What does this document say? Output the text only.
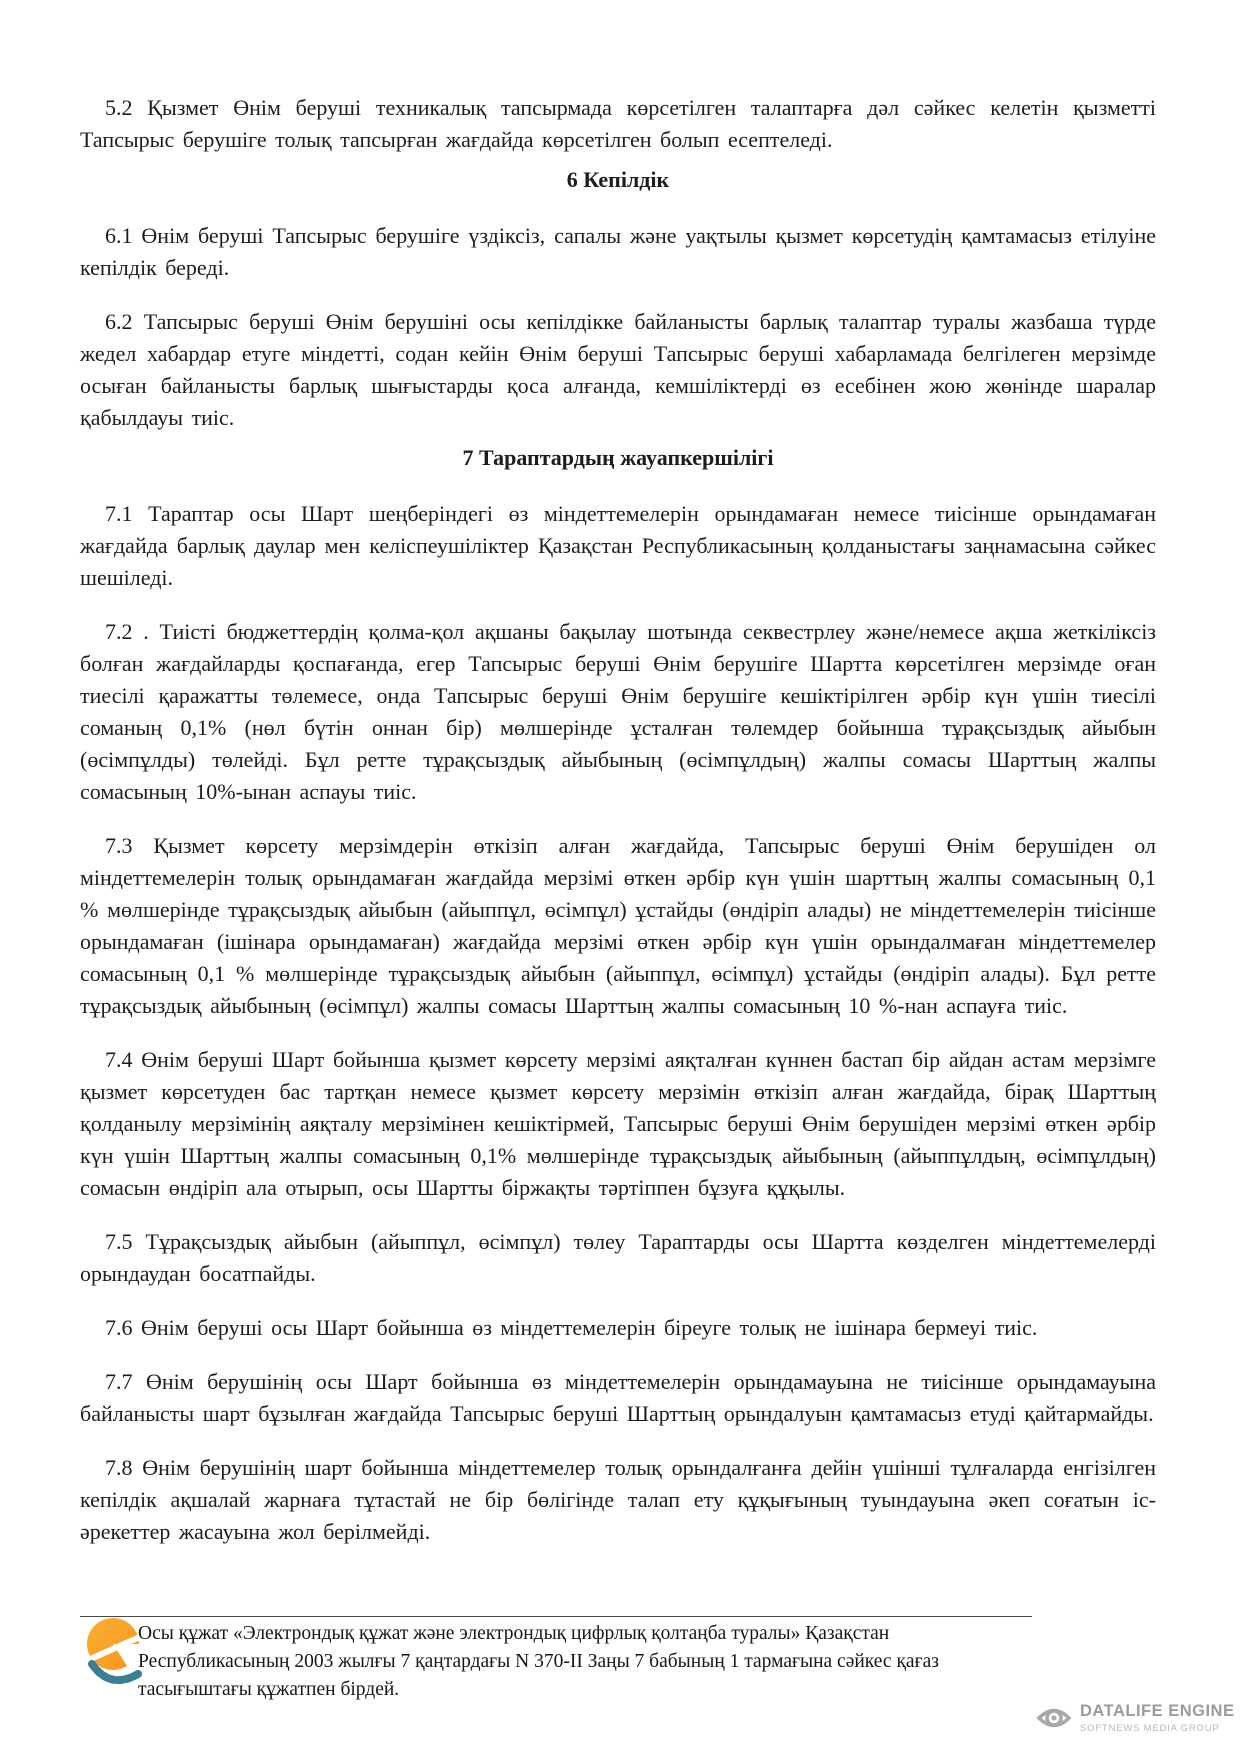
5.2 Қызмет Өнім беруші техникалық тапсырмада көрсетілген талаптарға дәл сәйкес келетін қызметті Тапсырыс берушіге толық тапсырған жағдайда көрсетілген болып есептеледі.

6 Кепілдік

6.1 Өнім беруші Тапсырыс берушіге үздіксіз, сапалы және уақтылы қызмет көрсетудің қамтамасыз етілуіне кепілдік береді.

6.2 Тапсырыс беруші Өнім берушіні осы кепілдікке байланысты барлық талаптар туралы жазбаша түрде жедел хабардар етуге міндетті, содан кейін Өнім беруші Тапсырыс беруші хабарламада белгілеген мерзімде осыған байланысты барлық шығыстарды қоса алғанда, кемшіліктерді өз есебінен жою жөнінде шаралар қабылдауы тиіс.

7 Тараптардың жауапкершілігі

7.1 Тараптар осы Шарт шеңберіндегі өз міндеттемелерін орындамаған немесе тиісінше орындамаған жағдайда барлық даулар мен келіспеушіліктер Қазақстан Республикасының қолданыстағы заңнамасына сәйкес шешіледі.

7.2 . Тиісті бюджеттердің қолма-қол ақшаны бақылау шотында секвестрлеу және/немесе ақша жеткіліксіз болған жағдайларды қоспағанда, егер Тапсырыс беруші Өнім берушіге Шартта көрсетілген мерзімде оған тиесілі қаражатты төлемесе, онда Тапсырыс беруші Өнім берушіге кешіктірілген әрбір күн үшін тиесілі соманың 0,1% (нөл бүтін оннан бір) мөлшерінде ұсталған төлемдер бойынша тұрақсыздық айыбын (өсімпұлды) төлейді. Бұл ретте тұрақсыздық айыбының (өсімпұлдың) жалпы сомасы Шарттың жалпы сомасының 10%-ынан аспауы тиіс.

7.3 Қызмет көрсету мерзімдерін өткізіп алған жағдайда, Тапсырыс беруші Өнім берушіден ол міндеттемелерін толық орындамаған жағдайда мерзімі өткен әрбір күн үшін шарттың жалпы сомасының 0,1 % мөлшерінде тұрақсыздық айыбын (айыппұл, өсімпұл) ұстайды (өндіріп алады) не міндеттемелерін тиісінше орындамаған (ішінара орындамаған) жағдайда мерзімі өткен әрбір күн үшін орындалмаған міндеттемелер сомасының 0,1 % мөлшерінде тұрақсыздық айыбын (айыппұл, өсімпұл) ұстайды (өндіріп алады). Бұл ретте тұрақсыздық айыбының (өсімпұл) жалпы сомасы Шарттың жалпы сомасының 10 %-нан аспауға тиіс.

7.4 Өнім беруші Шарт бойынша қызмет көрсету мерзімі аяқталған күннен бастап бір айдан астам мерзімге қызмет көрсетуден бас тартқан немесе қызмет көрсету мерзімін өткізіп алған жағдайда, бірақ Шарттың қолданылу мерзімінің аяқталу мерзімінен кешіктірмей, Тапсырыс беруші Өнім берушіден мерзімі өткен әрбір күн үшін Шарттың жалпы сомасының 0,1% мөлшерінде тұрақсыздық айыбының (айыппұлдың, өсімпұлдың) сомасын өндіріп ала отырып, осы Шартты біржақты тәртіппен бұзуға құқылы.

7.5 Тұрақсыздық айыбын (айыппұл, өсімпұл) төлеу Тараптарды осы Шартта көзделген міндеттемелерді орындаудан босатпайды.

7.6 Өнім беруші осы Шарт бойынша өз міндеттемелерін біреуге толық не ішінара бермеуі тиіс.

7.7 Өнім берушінің осы Шарт бойынша өз міндеттемелерін орындамауына не тиісінше орындамауына байланысты шарт бұзылған жағдайда Тапсырыс беруші Шарттың орындалуын қамтамасыз етуді қайтармайды.

7.8 Өнім берушінің шарт бойынша міндеттемелер толық орындалғанға дейін үшінші тұлғаларда енгізілген кепілдік ақшалай жарнаға тұтастай не бір бөлігінде талап ету құқығының туындауына әкеп соғатын іс-әрекеттер жасауына жол берілмейді.

Осы құжат «Электрондық құжат және электрондық цифрлық қолтаңба туралы» Қазақстан Республикасының 2003 жылғы 7 қаңтардағы N 370-II Заңы 7 бабының 1 тармағына сәйкес қағаз тасығыштағы құжатпен бірдей.
DATALIFE ENGINE
SOFTNEWS MEDIA GROUP
